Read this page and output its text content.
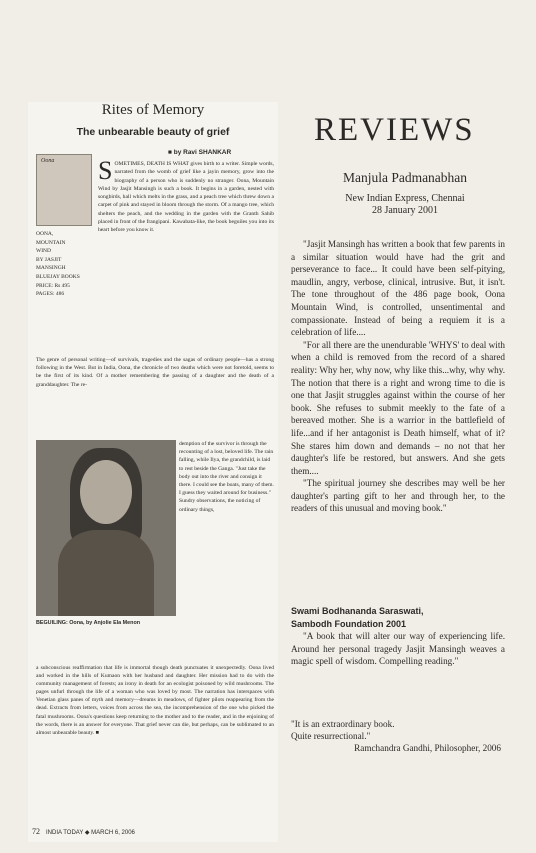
Rites of Memory
The unbearable beauty of grief
■ by Ravi SHANKAR
Oona
OONA,
MOUNTAIN
WIND
BY JASJIT
MANSINGH
BLUEJAY BOOKS
PRICE: Rs 495
PAGES: 486
SOMETIMES, DEATH IS WHAT gives birth to a writer. Simple words, narrated from the womb of grief like a jayin memory, grow into the biography of a person who is suddenly no stranger. Oona, Mountain Wind by Jasjit Mansingh is such a book. It begins in a garden, nested with songbirds, hall which melts in the grass, and a peach tree which threw down a carpet of pink and stayed in bloom through the storm. Of a mango tree, which shelters the peach, and the wedding in the garden with the Granth Sahib placed in front of the frangipani. Kawabata-like, the book beguiles you into its heart before you know it.
The genre of personal writing—of survivals, tragedies and the sagas of ordinary people—has a strong following in the West. But in India, Oona, the chronicle of two deaths which were not foretold, seems to be the first of its kind. Of a mother remembering the passing of a daughter and the death of a granddaughter. The re-
demption of the survivor is through the recounting of a lost, beloved life. The rain falling, while Ilya, the grandchild, is laid to rest beside the Ganga. "Just take the body out into the river and consign it there. I could see the boats, many of them. I guess they waited around for business." Sundry observations, the noticing of ordinary things,
BEGUILING: Oona, by Anjolie Ela Menon
a subconscious reaffirmation that life is immortal though death punctuates it unexpectedly. Oona lived and worked in the hills of Kumaon with her husband and daughter. Her mission had to do with the community management of forests; an irony in death for an ecologist poisoned by wild mushrooms. The pages unfurl through the life of a woman who was loved by most. The narration has interspaces with Venetian glass panes of myth and memory—dreams in meadows, of fighter pilots reappearing from the dead. Extracts from letters, voices from across the sea, the incomprehension of the one who picked the fatal mushrooms. Oona's questions keep returning to the mother and to the reader, and in the enjoining of the words, there is an answer for everyone. That grief never can die, but perhaps, can be sublimated to an almost unbearable beauty. ■
72 INDIA TODAY ◆ MARCH 6, 2006
REVIEWS
Manjula Padmanabhan
New Indian Express, Chennai
28 January 2001

"Jasjit Mansingh has written a book that few parents in a similar situation would have had the grit and perseverance to face... It could have been self-pitying, maudlin, angry, verbose, clinical, intrusive. But, it isn't. The tone throughout of the 486 page book, Oona Mountain Wind, is controlled, unsentimental and compassionate. Instead of being a requiem it is a celebration of life....

"For all there are the unendurable 'WHYS' to deal with when a child is removed from the record of a shared reality: Why her, why now, why like this...why, why why. The notion that there is a right and wrong time to die is one that Jasjit struggles against within the course of her book. She refuses to submit meekly to the fate of a bereaved mother. She is a warrior in the battlefield of life...and if her antagonist is Death himself, what of it? She stares him down and demands – no not that her daughter's life be restored, but answers. And she gets them....

"The spiritual journey she describes may well be her daughter's parting gift to her and through her, to the readers of this unusual and moving book."

Swami Bodhananda Saraswati,
Sambodh Foundation 2001
"A book that will alter our way of experiencing life. Around her personal tragedy Jasjit Mansingh weaves a magic spell of wisdom. Compelling reading."
"It is an extraordinary book.
Quite resurrectional."
Ramchandra Gandhi, Philosopher, 2006
